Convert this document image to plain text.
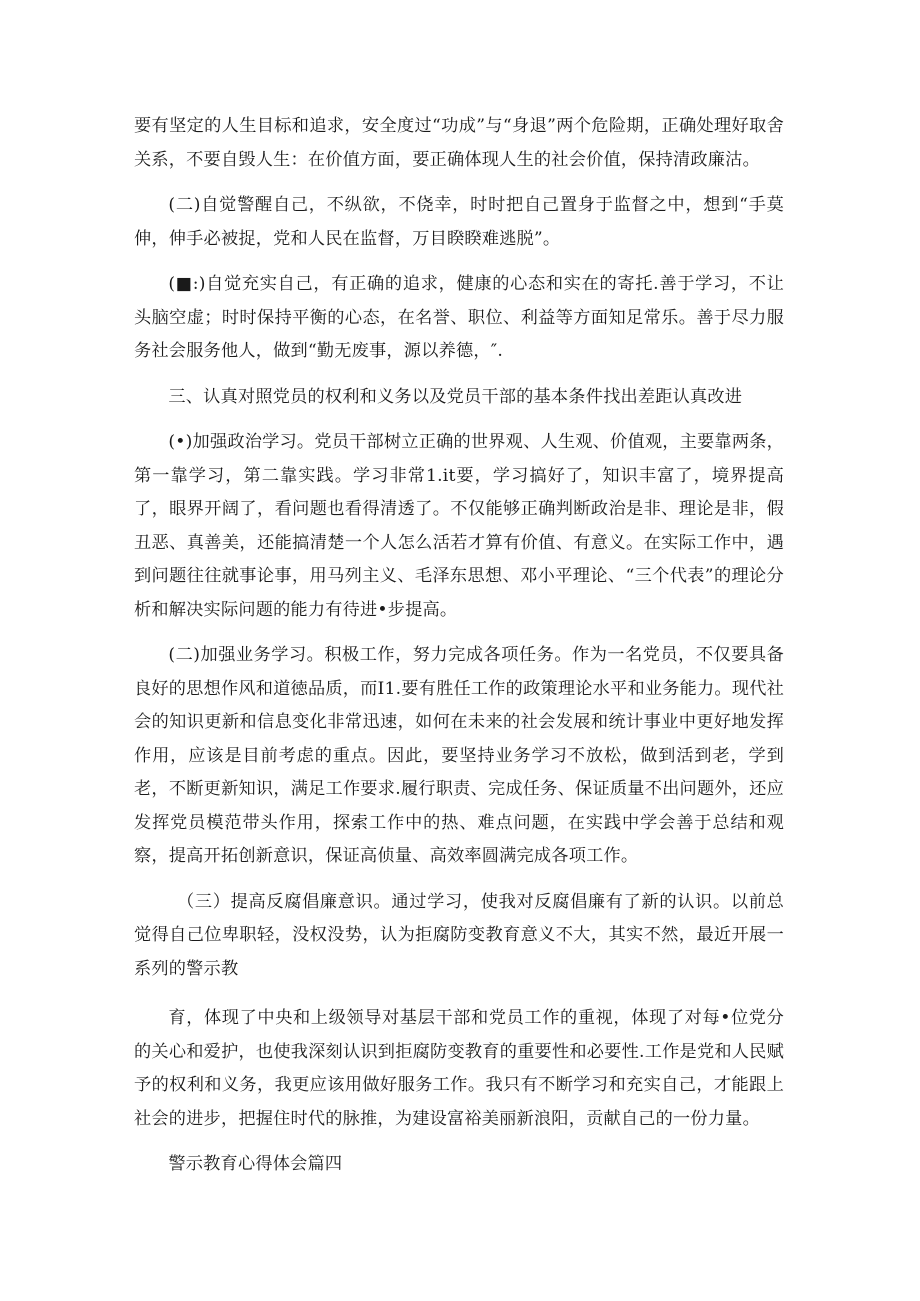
要有坚定的人生目标和追求，安全度过“功成”与“身退”两个危险期，正确处理好取舍关系，不要自毁人生：在价值方面，要正确体现人生的社会价值，保持清政廉沽。

(二)自觉警醒自己，不纵欲，不侥幸，时时把自己置身于监督之中，想到“手莫伸，伸手必被捉，党和人民在监督，万目睽睽难逃脱”。

(■:)自觉充实自己，有正确的追求，健康的心态和实在的寄托.善于学习，不让头脑空虚；时时保持平衡的心态，在名誉、职位、利益等方面知足常乐。善于尽力服务社会服务他人，做到“勤无废事，源以养德，″.

三、认真对照党员的权利和义务以及党员干部的基本条件找出差距认真改进

(•)加强政治学习。党员干部树立正确的世界观、人生观、价值观，主要靠两条，第一靠学习，第二靠实践。学习非常1.it要，学习搞好了，知识丰富了，境界提高了，眼界开阔了，看问题也看得清透了。不仅能够正确判断政治是非、理论是非，假丑恶、真善美，还能搞清楚一个人怎么活若才算有价值、有意义。在实际工作中，遇到问题往往就事论事，用马列主义、毛泽东思想、邓小平理论、“三个代表”的理论分析和解决实际问题的能力有待进•步提高。

(二)加强业务学习。积极工作，努力完成各项任务。作为一名党员，不仅要具备良好的思想作风和道徳品质，而I1.要有胜任工作的政策理论水平和业务能力。现代社会的知识更新和信息变化非常迅速，如何在未来的社会发展和统计事业中更好地发挥作用，应该是目前考虑的重点。因此，要坚持业务学习不放松，做到活到老，学到老，不断更新知识，满足工作要求.履行职责、完成任务、保证质量不出问题外，还应发挥党员模范带头作用，探索工作中的热、难点问题，在实践中学会善于总结和观察，提高开拓创新意识，保证高侦量、高效率圆满完成各项工作。

（三）提高反腐倡廉意识。通过学习，使我对反腐倡廉有了新的认识。以前总觉得自己位卑职轻，没权没势，认为拒腐防变教育意义不大，其实不然，最近开展一系列的警示教

育，体现了中央和上级领导对基层干部和党员工作的重视，体现了对每•位党分的关心和爱护，也使我深刻认识到拒腐防变教育的重要性和必要性.工作是党和人民赋予的权利和义务，我更应该用做好服务工作。我只有不断学习和充实自己，才能跟上社会的进步，把握住时代的脉推，为建设富裕美丽新浪阳，贡献自己的一份力量。

警示教育心得体会篇四
